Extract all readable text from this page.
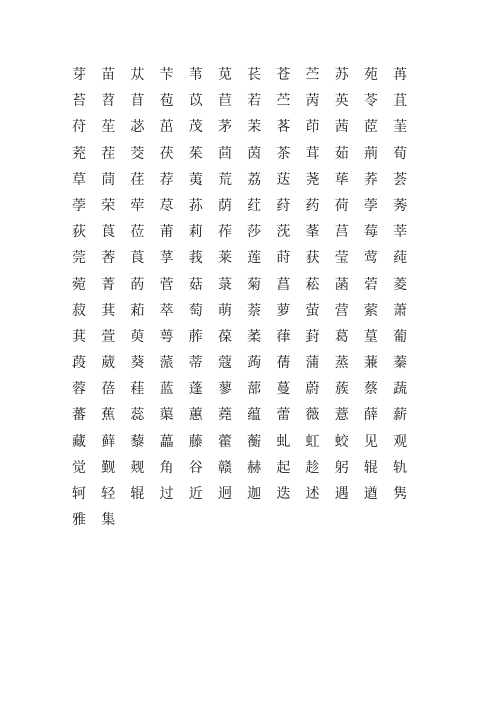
芽	苗	苁	芐	苇	苋	苌	苍	苎	苏	苑	苒
苔	苕	苜	苞	苡	苣	若	苎	苪	英	苓	苴
苻	苼	苾	茁	茂	茅	茉	茖	茚	茜	茝	茥
茺	茬	茭	茯	茱	茴	茵	茶	茸	茹	荊	荀
草	茼	荏	荐	荑	荒	荔	荙	荛	荜	荞	荟
荸	荣	荦	荩	荪	荫	荭	荮	药	荷	荸	莠
荻	莨	莅	莆	莉	莋	莎	莐	莑	莒	莓	莘
莞	莕	莨	莩	莪	莱	莲	莳	获	莹	莺	莼
菀	菁	菂	菅	菇	菉	菊	菖	菘	菡	菪	菱
菽	萁	萂	萃	萄	萌	萘	萝	萤	营	萦	萧
萁	萱	萸	萼	葄	葆	葇	葎	葑	葛	葟	葡
葮	葳	葵	蒎	蒂	蔻	蒟	蒨	蒲	蒸	蒹	蓁
蓉	蓓	蓕	蓝	蓬	蓼	蔀	蔓	蔚	蔟	蔡	蔬
蕃	蕉	蕊	蕖	蕙	蕘	蕴	蕾	薇	薏	薛	薪
藏	藓	藜	藟	藤	藿	蘅	虬	虹	蛟	见	观
觉	觐	觌	角	谷	赣	赫	起	趁	躬	辊	轨
轲	轻	辊	过	近	迥	迦	迭	述	遇	遒	隽
雅	集
